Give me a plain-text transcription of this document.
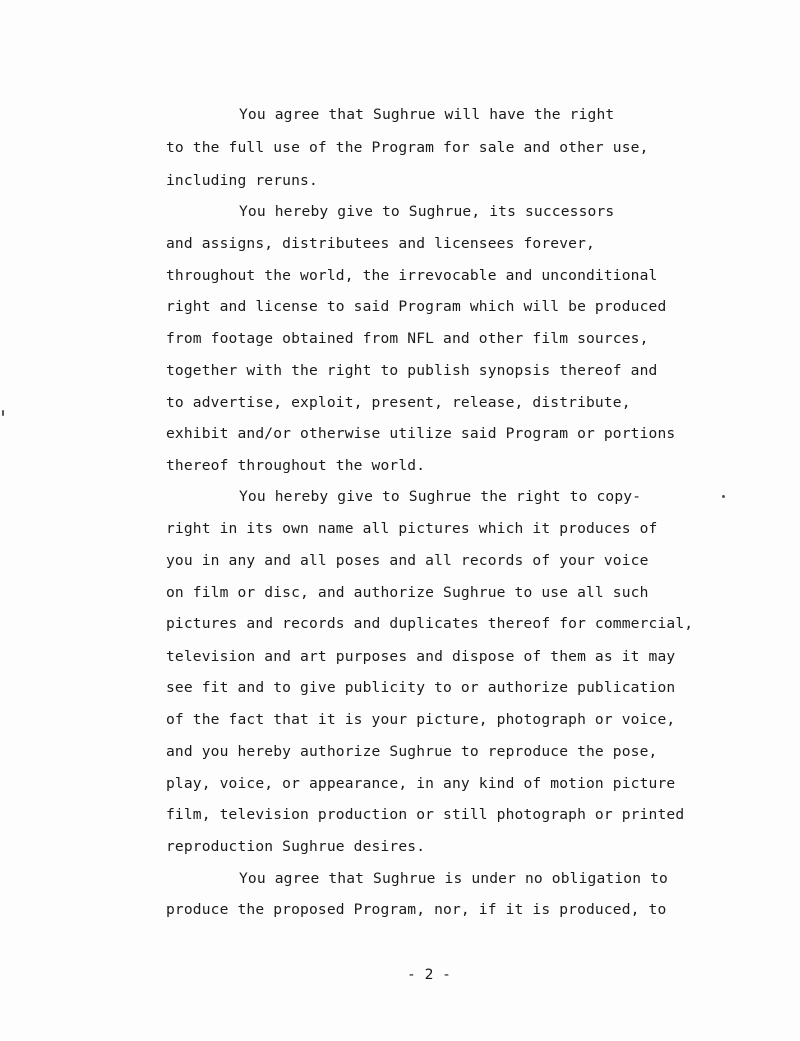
You agree that Sughrue will have the right
to the full use of the Program for sale and other use,
including reruns.
You hereby give to Sughrue, its successors
and assigns, distributees and licensees forever,
throughout the world, the irrevocable and unconditional
right and license to said Program which will be produced
from footage obtained from NFL and other film sources,
together with the right to publish synopsis thereof and
to advertise, exploit, present, release, distribute,
exhibit and/or otherwise utilize said Program or portions
thereof throughout the world.
You hereby give to Sughrue the right to copy-
right in its own name all pictures which it produces of
you in any and all poses and all records of your voice
on film or disc, and authorize Sughrue to use all such
pictures and records and duplicates thereof for commercial,
television and art purposes and dispose of them as it may
see fit and to give publicity to or authorize publication
of the fact that it is your picture, photograph or voice,
and you hereby authorize Sughrue to reproduce the pose,
play, voice, or appearance, in any kind of motion picture
film, television production or still photograph or printed
reproduction Sughrue desires.
You agree that Sughrue is under no obligation to
produce the proposed Program, nor, if it is produced, to
- 2 -
